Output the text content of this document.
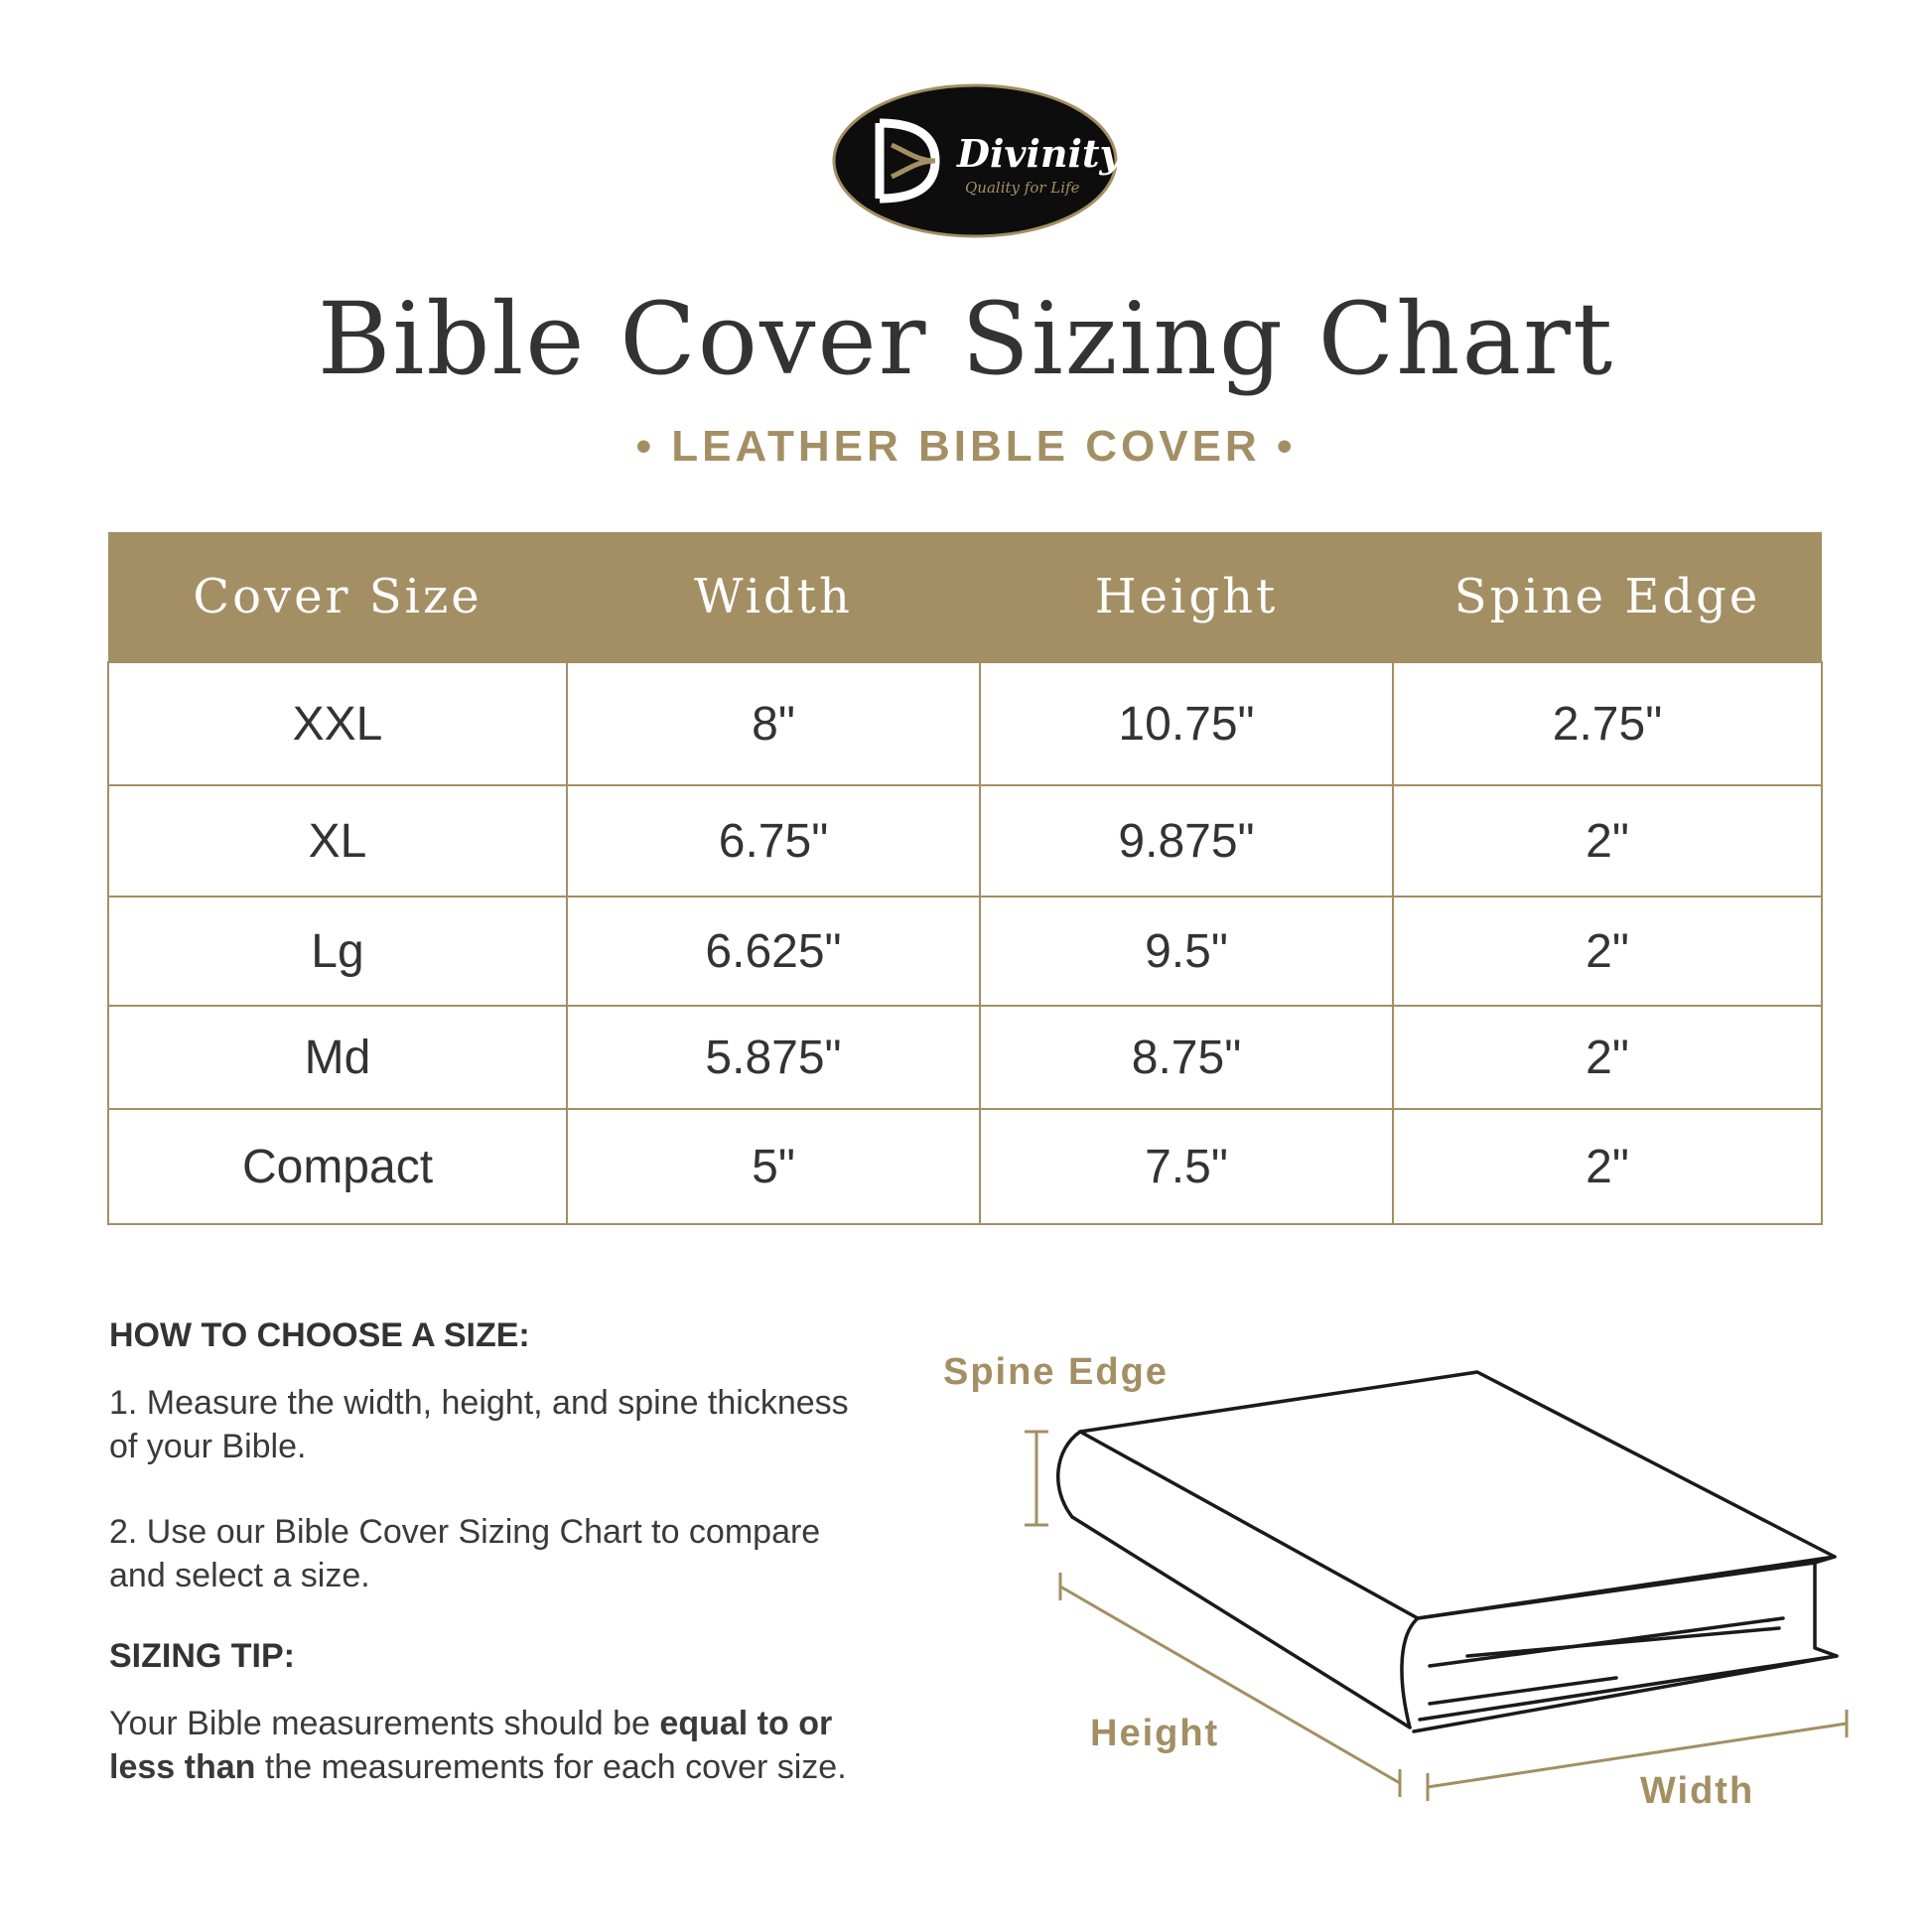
Divinity
Quality for Life
Bible Cover Sizing Chart
• LEATHER BIBLE COVER •
Cover Size	Width	Height	Spine Edge
XXL	8"	10.75"	2.75"
XL	6.75"	9.875"	2"
Lg	6.625"	9.5"	2"
Md	5.875"	8.75"	2"
Compact	5"	7.5"	2"

HOW TO CHOOSE A SIZE:

1. Measure the width, height, and spine thickness of your Bible.

2. Use our Bible Cover Sizing Chart to compare and select a size.

SIZING TIP:

Your Bible measurements should be equal to or less than the measurements for each cover size.

Spine Edge
Height
Width
